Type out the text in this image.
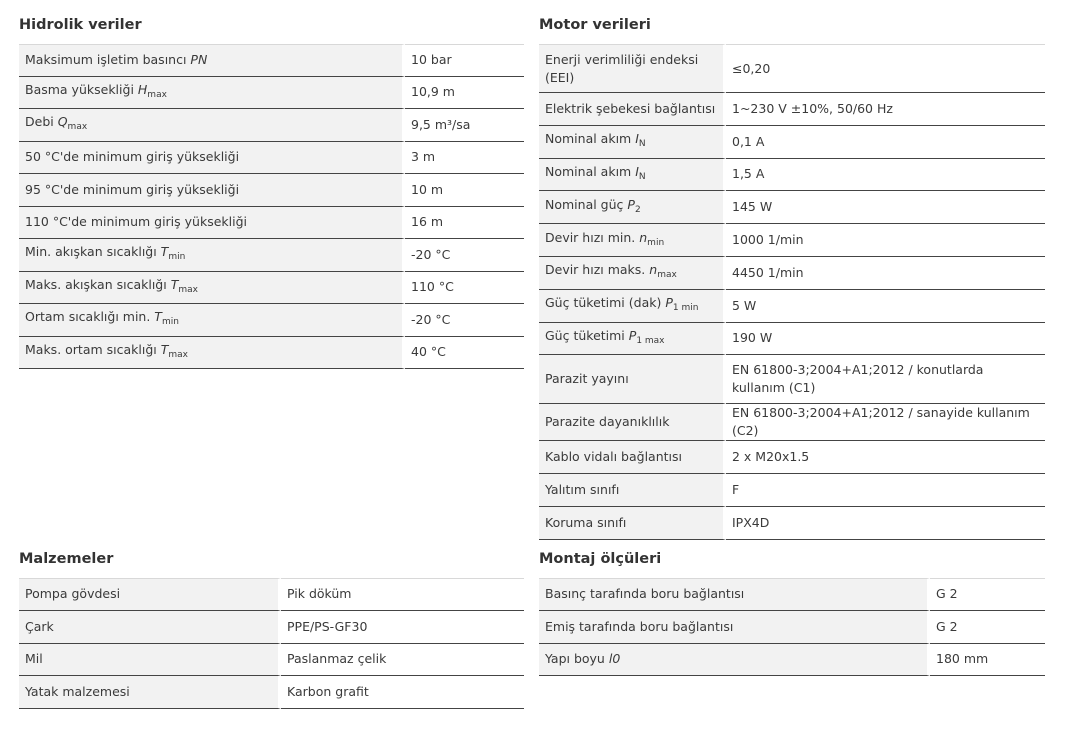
Hidrolik veriler
Maksimum işletim basıncı PN	10 bar
Basma yüksekliği $H_{max}$	10,9 m
Debi $Q_{max}$	9,5 m³/sa
50 °C'de minimum giriş yüksekliği	3 m
95 °C'de minimum giriş yüksekliği	10 m
110 °C'de minimum giriş yüksekliği	16 m
Min. akışkan sıcaklığı $T_{min}$	-20 °C
Maks. akışkan sıcaklığı $T_{max}$	110 °C
Ortam sıcaklığı min. $T_{min}$	-20 °C
Maks. ortam sıcaklığı $T_{max}$	40 °C
Motor verileri
Enerji verimliliği endeksi (EEI)	≤0,20
Elektrik şebekesi bağlantısı	1~230 V ±10%, 50/60 Hz
Nominal akım $I_N$	0,1 A
Nominal akım $I_N$	1,5 A
Nominal güç $P_2$	145 W
Devir hızı min. $n_{min}$	1000 1/min
Devir hızı maks. $n_{max}$	4450 1/min
Güç tüketimi (dak) $P_{1 min}$	5 W
Güç tüketimi $P_{1 max}$	190 W
Parazit yayını	EN 61800-3;2004+A1;2012 / konutlarda kullanım (C1)
Parazite dayanıklılık	EN 61800-3;2004+A1;2012 / sanayide kullanım (C2)
Kablo vidalı bağlantısı	2 x M20x1.5
Yalıtım sınıfı	F
Koruma sınıfı	IPX4D
Malzemeler
Pompa gövdesi	Pik döküm
Çark	PPE/PS-GF30
Mil	Paslanmaz çelik
Yatak malzemesi	Karbon grafit
Montaj ölçüleri
Basınç tarafında boru bağlantısı	G 2
Emiş tarafında boru bağlantısı	G 2
Yapı boyu l0	180 mm
